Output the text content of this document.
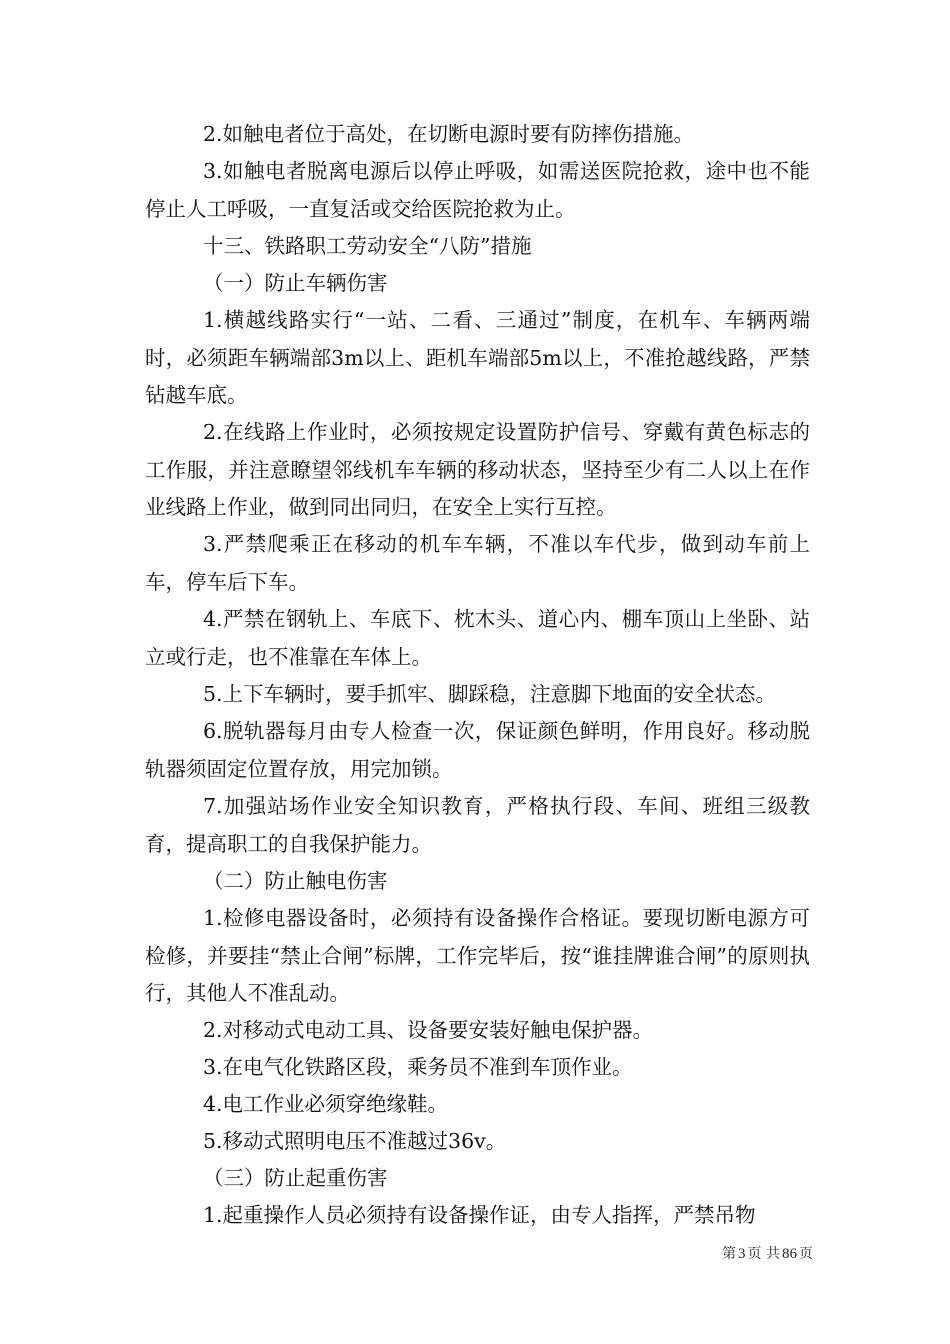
2.如触电者位于高处，在切断电源时要有防摔伤措施。

3.如触电者脱离电源后以停止呼吸，如需送医院抢救，途中也不能停止人工呼吸，一直复活或交给医院抢救为止。

十三、铁路职工劳动安全“八防”措施

（一）防止车辆伤害

1.横越线路实行“一站、二看、三通过”制度，在机车、车辆两端时，必须距车辆端部3m以上、距机车端部5m以上，不准抢越线路，严禁钻越车底。

2.在线路上作业时，必须按规定设置防护信号、穿戴有黄色标志的工作服，并注意瞭望邻线机车车辆的移动状态，坚持至少有二人以上在作业线路上作业，做到同出同归，在安全上实行互控。

3.严禁爬乘正在移动的机车车辆，不准以车代步，做到动车前上车，停车后下车。

4.严禁在钢轨上、车底下、枕木头、道心内、棚车顶山上坐卧、站立或行走，也不准靠在车体上。

5.上下车辆时，要手抓牢、脚踩稳，注意脚下地面的安全状态。

6.脱轨器每月由专人检查一次，保证颜色鲜明，作用良好。移动脱轨器须固定位置存放，用完加锁。

7.加强站场作业安全知识教育，严格执行段、车间、班组三级教育，提高职工的自我保护能力。

（二）防止触电伤害

1.检修电器设备时，必须持有设备操作合格证。要现切断电源方可检修，并要挂“禁止合闸”标牌，工作完毕后，按“谁挂牌谁合闸”的原则执行，其他人不准乱动。

2.对移动式电动工具、设备要安装好触电保护器。

3.在电气化铁路区段，乘务员不准到车顶作业。

4.电工作业必须穿绝缘鞋。

5.移动式照明电压不准越过36v。

（三）防止起重伤害

1.起重操作人员必须持有设备操作证，由专人指挥，严禁吊物

第 3 页 共 86 页
